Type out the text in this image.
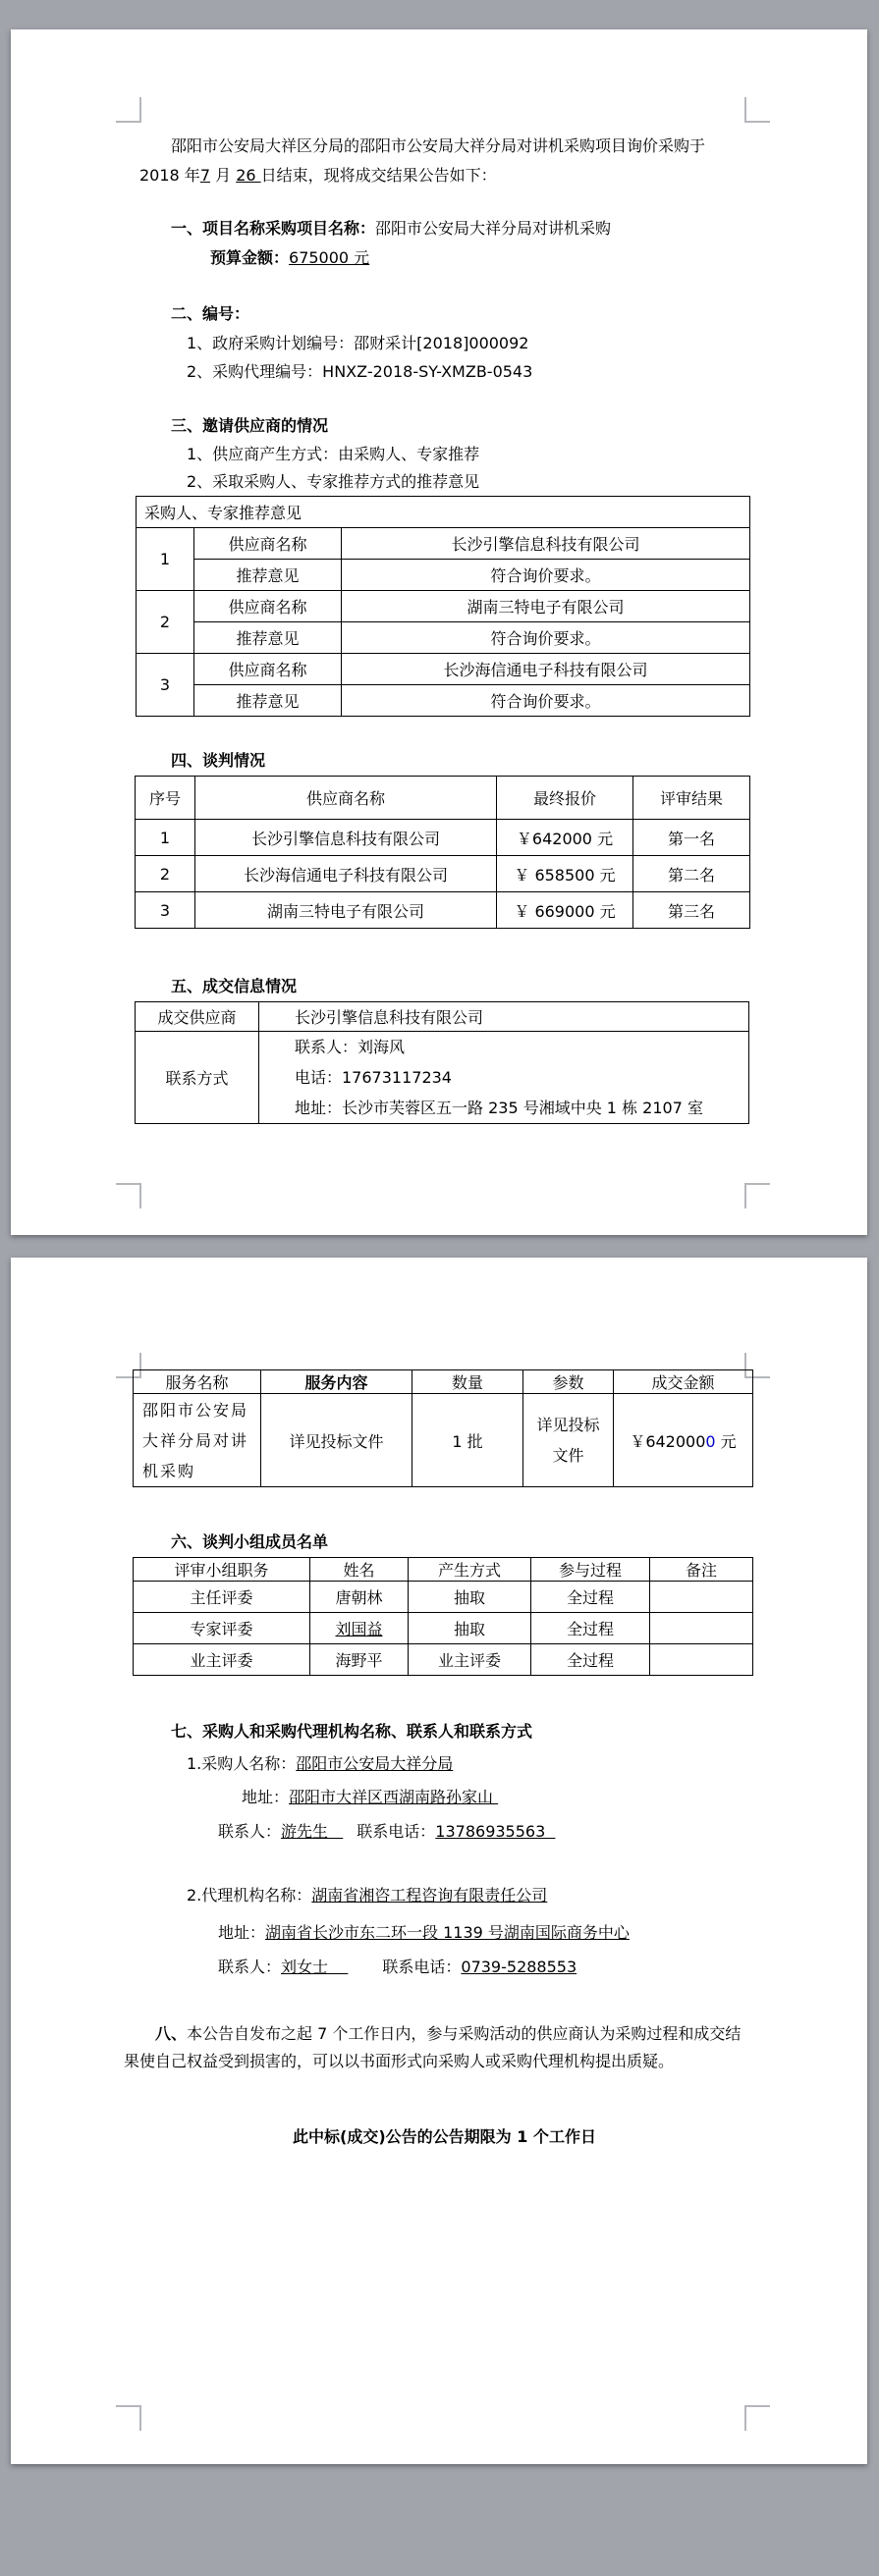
邵阳市公安局大祥区分局的邵阳市公安局大祥分局对讲机采购项目询价采购于 2018 年7 月 26 日结束，现将成交结果公告如下：

一、项目名称采购项目名称：邵阳市公安局大祥分局对讲机采购

预算金额：675000 元

二、编号：

1、政府采购计划编号：邵财采计[2018]000092

2、采购代理编号：HNXZ-2018-SY-XMZB-0543

三、邀请供应商的情况

1、供应商产生方式：由采购人、专家推荐

2、采取采购人、专家推荐方式的推荐意见

采购人、专家推荐意见		
1	供应商名称	长沙引擎信息科技有限公司
	推荐意见	符合询价要求。
2	供应商名称	湖南三特电子有限公司
	推荐意见	符合询价要求。
3	供应商名称	长沙海信通电子科技有限公司
	推荐意见	符合询价要求。

四、谈判情况

序号	供应商名称	最终报价	评审结果
1	长沙引擎信息科技有限公司	￥642000 元	第一名
2	长沙海信通电子科技有限公司	￥ 658500 元	第二名
3	湖南三特电子有限公司	￥ 669000 元	第三名

五、成交信息情况

成交供应商	长沙引擎信息科技有限公司
联系方式	联系人：刘海风
电话：17673117234
地址：长沙市芙蓉区五一路 235 号湘域中央 1 栋 2107 室
服务名称	服务内容	数量	参数	成交金额
邵阳市公安局大祥分局对讲机采购	详见投标文件	1 批	详见投标文件	￥6420000 元

六、谈判小组成员名单

评审小组职务	姓名	产生方式	参与过程	备注
主任评委	唐朝林	抽取	全过程	
专家评委	刘国益	抽取	全过程	
业主评委	海野平	业主评委	全过程	

七、采购人和采购代理机构名称、联系人和联系方式

1.采购人名称：邵阳市公安局大祥分局

地址：邵阳市大祥区西湖南路孙家山

联系人：游先生   联系电话：13786935563

2.代理机构名称：湖南省湘咨工程咨询有限责任公司

地址：湖南省长沙市东二环一段 1139 号湖南国际商务中心

联系人：刘女士    联系电话：0739-5288553

八、本公告自发布之起 7 个工作日内，参与采购活动的供应商认为采购过程和成交结果使自己权益受到损害的，可以以书面形式向采购人或采购代理机构提出质疑。

此中标(成交)公告的公告期限为 1 个工作日
